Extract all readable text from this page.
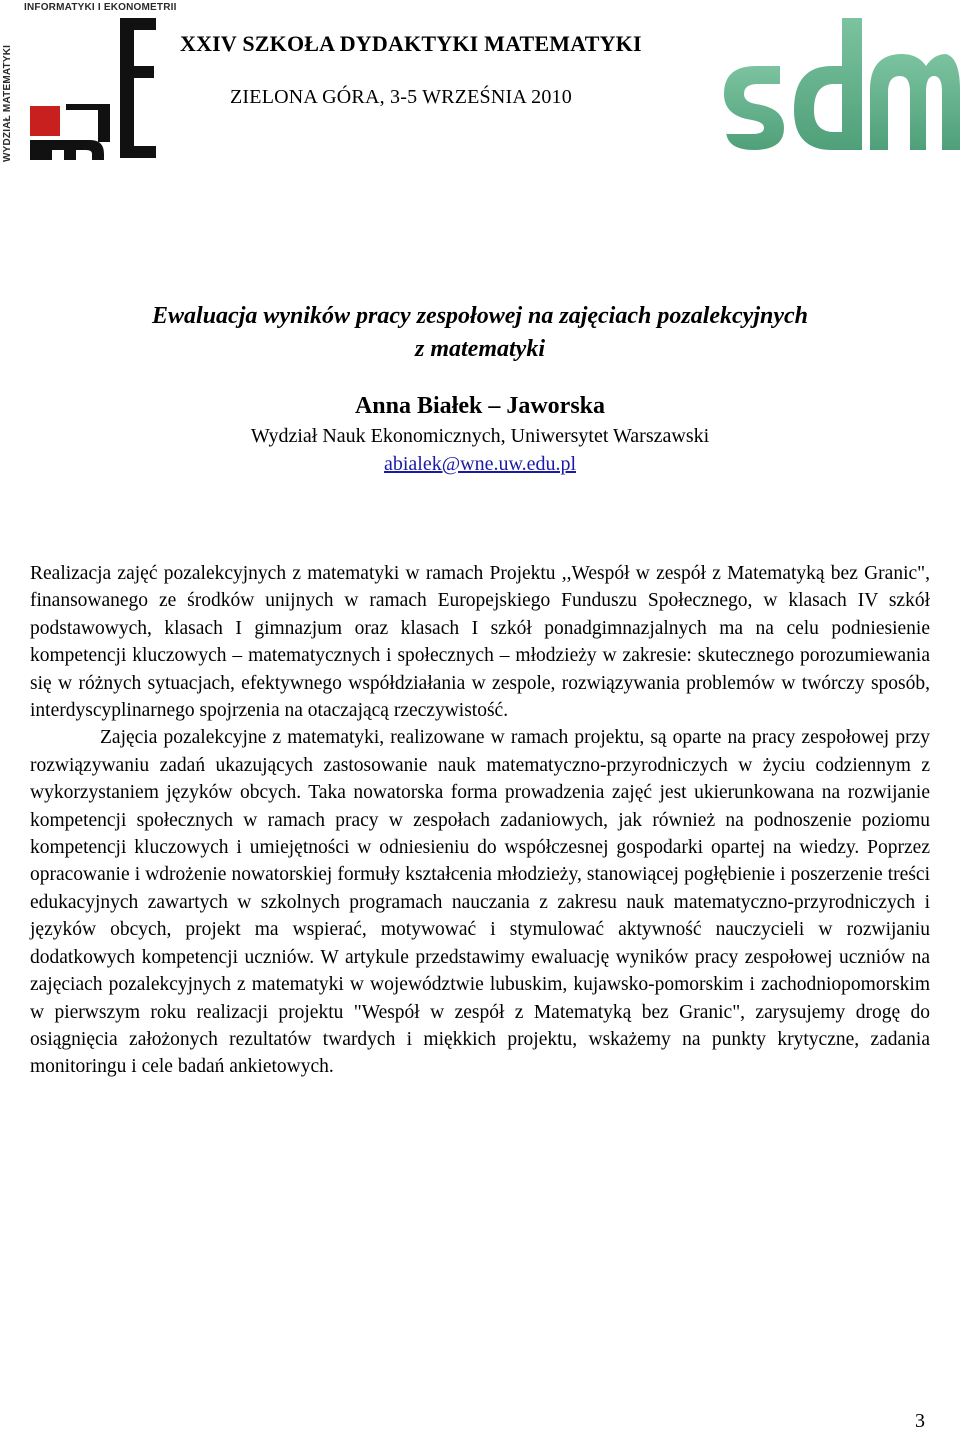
INFORMATYKI I EKONOMETRII
WYDZIAŁ MATEMATYKI
XXIV SZKOŁA DYDAKTYKI MATEMATYKI
ZIELONA GÓRA, 3-5 WRZEŚNIA 2010
Ewaluacja wyników pracy zespołowej na zajęciach pozalekcyjnych
z matematyki
Anna Białek – Jaworska
Wydział Nauk Ekonomicznych, Uniwersytet Warszawski
abialek@wne.uw.edu.pl

Realizacja zajęć pozalekcyjnych z matematyki w ramach Projektu ,,Wespół w zespół z Matematyką bez Granic", finansowanego ze środków unijnych w ramach Europejskiego Funduszu Społecznego, w klasach IV szkół podstawowych, klasach I gimnazjum oraz klasach I szkół ponadgimnazjalnych ma na celu podniesienie kompetencji kluczowych – matematycznych i społecznych – młodzieży w zakresie: skutecznego porozumiewania się w różnych sytuacjach, efektywnego współdziałania w zespole, rozwiązywania problemów w twórczy sposób, interdyscyplinarnego spojrzenia na otaczającą rzeczywistość.

Zajęcia pozalekcyjne z matematyki, realizowane w ramach projektu, są oparte na pracy zespołowej przy rozwiązywaniu zadań ukazujących zastosowanie nauk matematyczno-przyrodniczych w życiu codziennym z wykorzystaniem języków obcych. Taka nowatorska forma prowadzenia zajęć jest ukierunkowana na rozwijanie kompetencji społecznych w ramach pracy w zespołach zadaniowych, jak również na podnoszenie poziomu kompetencji kluczowych i umiejętności w odniesieniu do współczesnej gospodarki opartej na wiedzy. Poprzez opracowanie i wdrożenie nowatorskiej formuły kształcenia młodzieży, stanowiącej pogłębienie i poszerzenie treści edukacyjnych zawartych w szkolnych programach nauczania z zakresu nauk matematyczno-przyrodniczych i języków obcych, projekt ma wspierać, motywować i stymulować aktywność nauczycieli w rozwijaniu dodatkowych kompetencji uczniów. W artykule przedstawimy ewaluację wyników pracy zespołowej uczniów na zajęciach pozalekcyjnych z matematyki w województwie lubuskim, kujawsko-pomorskim i zachodniopomorskim w pierwszym roku realizacji projektu "Wespół w zespół z Matematyką bez Granic", zarysujemy drogę do osiągnięcia założonych rezultatów twardych i miękkich projektu, wskażemy na punkty krytyczne, zadania monitoringu i cele badań ankietowych.

3
